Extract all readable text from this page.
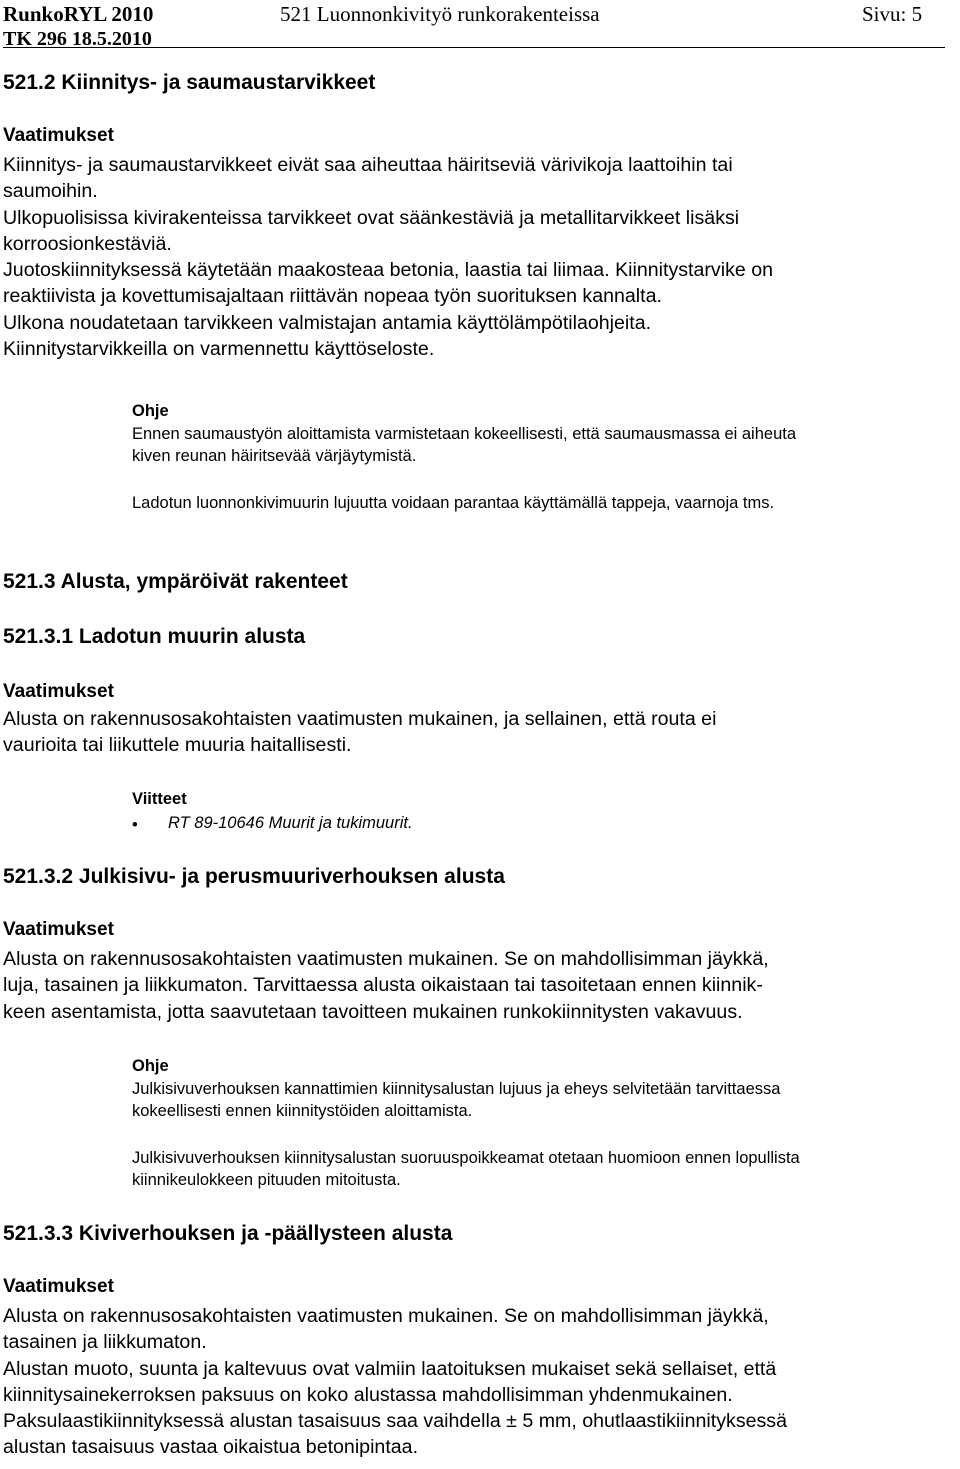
RunkoRYL 2010
TK 296 18.5.2010
521 Luonnonkivityö runkorakenteissa	Sivu: 5
521.2 Kiinnitys- ja saumaustarvikkeet
Vaatimukset
Kiinnitys- ja saumaustarvikkeet eivät saa aiheuttaa häiritseviä värivikoja laattoihin tai
saumoihin.
Ulkopuolisissa kivirakenteissa tarvikkeet ovat säänkestäviä ja metallitarvikkeet lisäksi
korroosionkestäviä.
Juotoskiinnityksessä käytetään maakosteaa betonia, laastia tai liimaa. Kiinnitystarvike on
reaktiivista ja kovettumisajaltaan riittävän nopeaa työn suorituksen kannalta.
Ulkona noudatetaan tarvikkeen valmistajan antamia käyttölämpötilaohjeita.
Kiinnitystarvikkeilla on varmennettu käyttöseloste.
Ohje
Ennen saumaustyön aloittamista varmistetaan kokeellisesti, että saumausmassa ei aiheuta
kiven reunan häiritsevää värjäytymistä.
Ladotun luonnonkivimuurin lujuutta voidaan parantaa käyttämällä tappeja, vaarnoja tms.
521.3 Alusta, ympäröivät rakenteet
521.3.1 Ladotun muurin alusta
Vaatimukset
Alusta on rakennusosakohtaisten vaatimusten mukainen, ja sellainen, että routa ei
vaurioita tai liikuttele muuria haitallisesti.
Viitteet
• RT 89-10646 Muurit ja tukimuurit.
521.3.2 Julkisivu- ja perusmuuriverhouksen alusta
Vaatimukset
Alusta on rakennusosakohtaisten vaatimusten mukainen. Se on mahdollisimman jäykkä,
luja, tasainen ja liikkumaton. Tarvittaessa alusta oikaistaan tai tasoitetaan ennen kiinnik-
keen asentamista, jotta saavutetaan tavoitteen mukainen runkokiinnitysten vakavuus.
Ohje
Julkisivuverhouksen kannattimien kiinnitysalustan lujuus ja eheys selvitetään tarvittaessa
kokeellisesti ennen kiinnitystöiden aloittamista.
Julkisivuverhouksen kiinnitysalustan suoruuspoikkeamat otetaan huomioon ennen lopullista
kiinnikeulokkeen pituuden mitoitusta.
521.3.3 Kiviverhouksen ja -päällysteen alusta
Vaatimukset
Alusta on rakennusosakohtaisten vaatimusten mukainen. Se on mahdollisimman jäykkä,
tasainen ja liikkumaton.
Alustan muoto, suunta ja kaltevuus ovat valmiin laatoituksen mukaiset sekä sellaiset, että
kiinnitysainekerroksen paksuus on koko alustassa mahdollisimman yhdenmukainen.
Paksulaastikiinnityksessä alustan tasaisuus saa vaihdella ± 5 mm, ohutlaastikiinnityksessä
alustan tasaisuus vastaa oikaistua betonipintaa.
